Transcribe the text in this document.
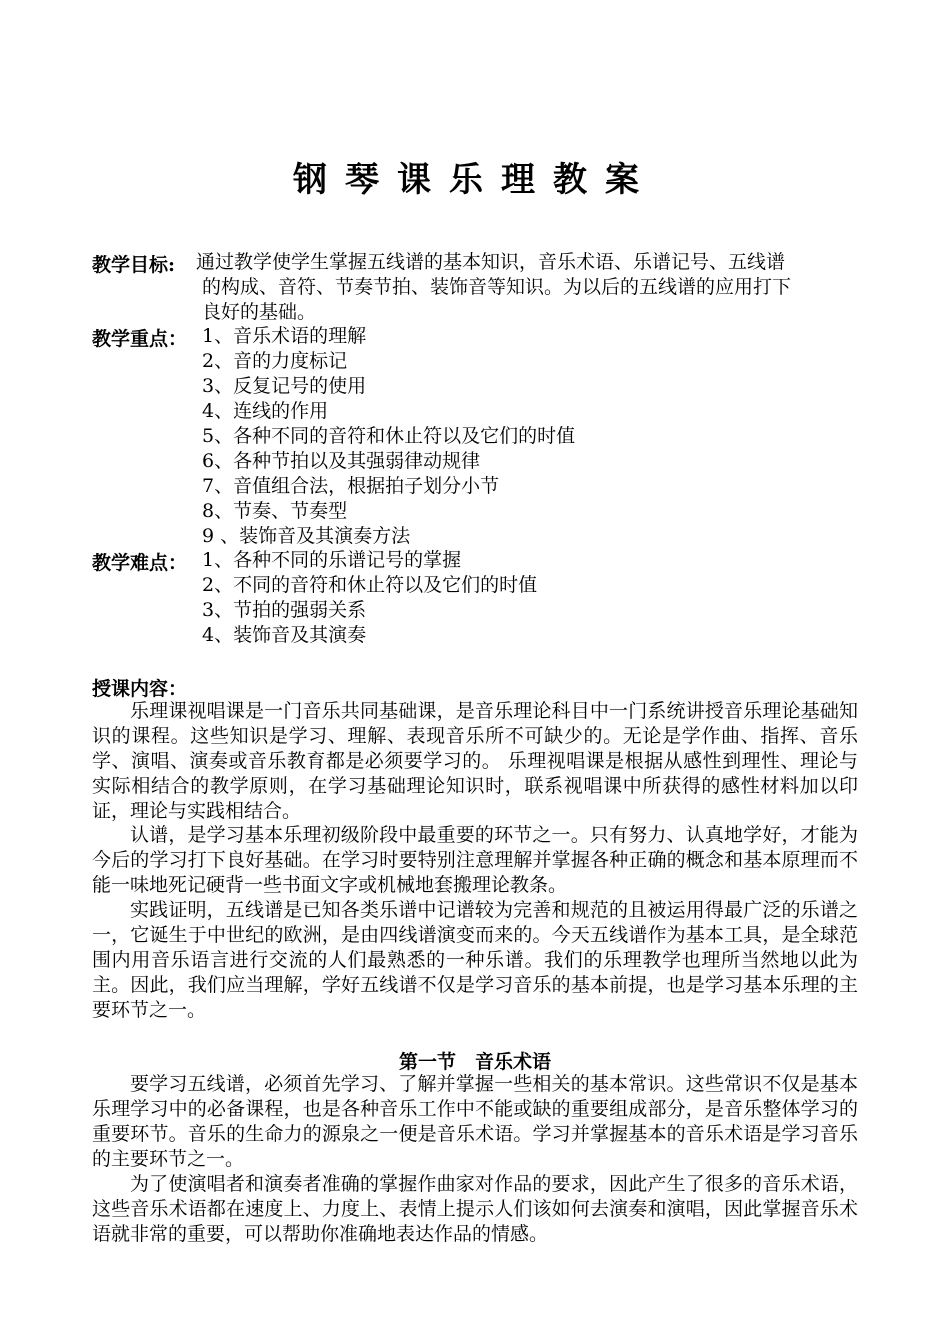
钢琴课乐理教案
教学目标: 通过教学使学生掌握五线谱的基本知识，音乐术语、乐谱记号、五线谱
的构成、音符、节奏节拍、装饰音等知识。为以后的五线谱的应用打下
良好的基础。
教学重点： 1、音乐术语的理解
2、音的力度标记
3、反复记号的使用
4、连线的作用
5、各种不同的音符和休止符以及它们的时值
6、各种节拍以及其强弱律动规律
7、音值组合法，根据拍子划分小节
8、节奏、节奏型
9 、装饰音及其演奏方法
教学难点： 1、各种不同的乐谱记号的掌握
2、不同的音符和休止符以及它们的时值
3、节拍的强弱关系
4、装饰音及其演奏
授课内容：
乐理课视唱课是一门音乐共同基础课，是音乐理论科目中一门系统讲授音乐理论基础知识的课程。这些知识是学习、理解、表现音乐所不可缺少的。无论是学作曲、指挥、音乐学、演唱、演奏或音乐教育都是必须要学习的。 乐理视唱课是根据从感性到理性、理论与实际相结合的教学原则，在学习基础理论知识时，联系视唱课中所获得的感性材料加以印证，理论与实践相结合。
认谱，是学习基本乐理初级阶段中最重要的环节之一。只有努力、认真地学好，才能为今后的学习打下良好基础。在学习时要特别注意理解并掌握各种正确的概念和基本原理而不能一味地死记硬背一些书面文字或机械地套搬理论教条。
实践证明，五线谱是已知各类乐谱中记谱较为完善和规范的且被运用得最广泛的乐谱之一，它诞生于中世纪的欧洲，是由四线谱演变而来的。今天五线谱作为基本工具，是全球范围内用音乐语言进行交流的人们最熟悉的一种乐谱。我们的乐理教学也理所当然地以此为主。因此，我们应当理解，学好五线谱不仅是学习音乐的基本前提，也是学习基本乐理的主要环节之一。
第一节　音乐术语
要学习五线谱，必须首先学习、了解并掌握一些相关的基本常识。这些常识不仅是基本乐理学习中的必备课程，也是各种音乐工作中不能或缺的重要组成部分，是音乐整体学习的重要环节。音乐的生命力的源泉之一便是音乐术语。学习并掌握基本的音乐术语是学习音乐的主要环节之一。
为了使演唱者和演奏者准确的掌握作曲家对作品的要求，因此产生了很多的音乐术语，这些音乐术语都在速度上、力度上、表情上提示人们该如何去演奏和演唱，因此掌握音乐术语就非常的重要，可以帮助你准确地表达作品的情感。
